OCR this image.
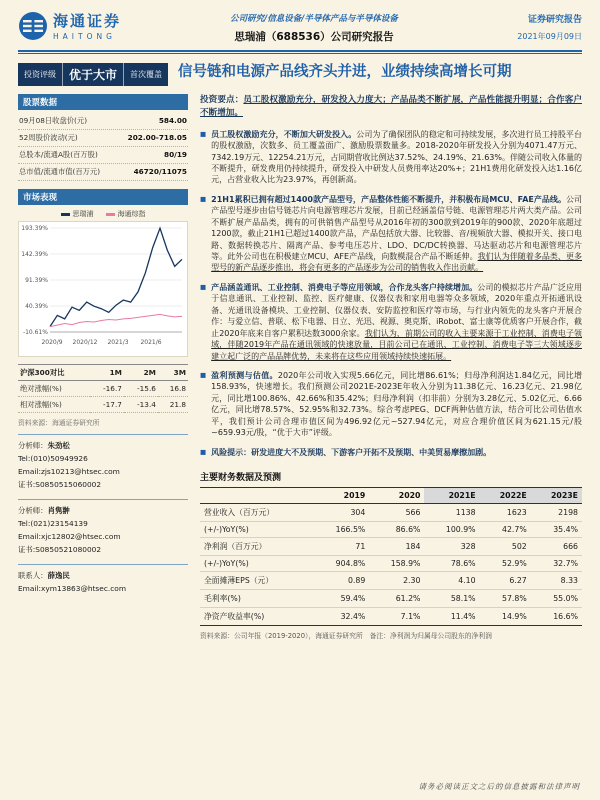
海通证券
HAITONG
公司研究/信息设备/半导体产品与半导体设备
思瑞浦（688536）公司研究报告
证券研究报告
2021年09月09日
投资评级	优于大市	首次覆盖	信号链和电源产品线齐头并进，业绩持续高增长可期
股票数据
09月08日收盘价(元)	584.00
52周股价波动(元)	202.00-718.05
总股本/流通A股(百万股)	80/19
总市值/流通市值(百万元)	46720/11075
市场表现
思瑞浦	海通综指
193.39%
142.39%
91.39%
40.39%
-10.61%
2020/9 2020/12 2021/3 2021/6
沪深300对比	1M	2M	3M
绝对涨幅(%)	-16.7	-15.6	16.8
相对涨幅(%)	-17.7	-13.4	21.8
资料来源：海通证券研究所
分析师：朱劲松
Tel:(010)50949926
Email:zjs10213@htsec.com
证书:S0850515060002
分析师：肖隽翀
Tel:(021)23154139
Email:xjc12802@htsec.com
证书:S0850521080002
联系人：薛逸民
Email:xym13863@htsec.com
投资要点：员工股权激励充分，研发投入力度大；产品品类不断扩展，产品性能提升明显；合作客户不断增加。
■ 员工股权激励充分，不断加大研发投入。公司为了确保团队的稳定和可持续发展，多次进行员工持股平台的股权激励，次数多、员工覆盖面广、激励股票数量多。2018-2020年研发投入分别为4071.47万元、7342.19万元、12254.21万元，占同期营收比例达37.52%、24.19%、21.63%。伴随公司收入体量的不断提升，研发费用仍持续提升，研发投入中研发人员费用率达20%+；21H1费用化研发投入达1.16亿元，占营业收入比为23.97%，再创新高。
■ 21H1累积已拥有超过1400款产品型号，产品整体性能不断提升，并积极布局MCU、FAE产品线。公司产品型号逐步由信号链芯片向电源管理芯片发展，目前已经涵盖信号链、电源管理芯片两大类产品。公司不断扩展产品品类，拥有的可供销售产品型号从2016年初的300款到2019年的900款、2020年底超过1200款，截止21H1已超过1400款产品，产品包括放大器、比较器、音/视频放大器、模拟开关、接口电路、数据转换芯片、隔离产品、参考电压芯片、LDO、DC/DC转换器、马达驱动芯片和电源管理芯片等。此外公司也在积极建立MCU、AFE产品线，向数模混合产品不断延伸。我们认为伴随着多品类、更多型号的新产品逐步推出，将会有更多的产品逐步为公司的销售收入作出贡献。
■ 产品涵盖通讯、工业控制、消费电子等应用领域，合作龙头客户持续增加。公司的模拟芯片产品广泛应用于信息通讯、工业控制、监控、医疗健康、仪器仪表和家用电器等众多领域，2020年重点开拓通讯设备、光通讯设备模块、工业控制、仪器仪表、安防监控和医疗等市场，与行业内领先的龙头客户开展合作：与爱立信、普联、松下电器、日立、光迅、视源、奥克斯、iRobot、富士康等优质客户开展合作，截止2020年底来自客户累积达数3000余家。我们认为，前期公司的收入主要来源于工业控制、消费电子领域，伴随2019年产品在通讯领域的快速放量，目前公司已在通讯、工业控制、消费电子等三大领域逐步建立起广泛的产品品牌优势，未来将在这些应用领域持续快速拓展。
■ 盈利预测与估值。2020年公司收入实现5.66亿元，同比增86.61%；归母净利润达1.84亿元，同比增158.93%，快速增长。我们预测公司2021E-2023E年收入分别为11.38亿元、16.23亿元、21.98亿元，同比增100.86%、42.66%和35.42%；归母净利润（扣非前）分别为3.28亿元、5.02亿元、6.66亿元，同比增78.57%、52.95%和32.73%。综合考虑PEG、DCF两种估值方法，结合可比公司估值水平，我们预计公司合理市值区间为496.92亿元~527.94亿元，对应合理价值区间为621.15元/股~659.93元/股，“优于大市”评级。
■ 风险提示：研发进度大不及预期、下游客户开拓不及预期、中美贸易摩擦加剧。
主要财务数据及预测
	2019	2020	2021E	2022E	2023E
营业收入（百万元）	304	566	1138	1623	2198
(+/-)YoY(%)	166.5%	86.6%	100.9%	42.7%	35.4%
净利润（百万元）	71	184	328	502	666
(+/-)YoY(%)	904.8%	158.9%	78.6%	52.9%	32.7%
全面摊薄EPS（元）	0.89	2.30	4.10	6.27	8.33
毛利率(%)	59.4%	61.2%	58.1%	57.8%	55.0%
净资产收益率(%)	32.4%	7.1%	11.4%	14.9%	16.6%
资料来源：公司年报（2019-2020），海通证券研究所　备注：净利润为归属母公司股东的净利润
请务必阅读正文之后的信息披露和法律声明
